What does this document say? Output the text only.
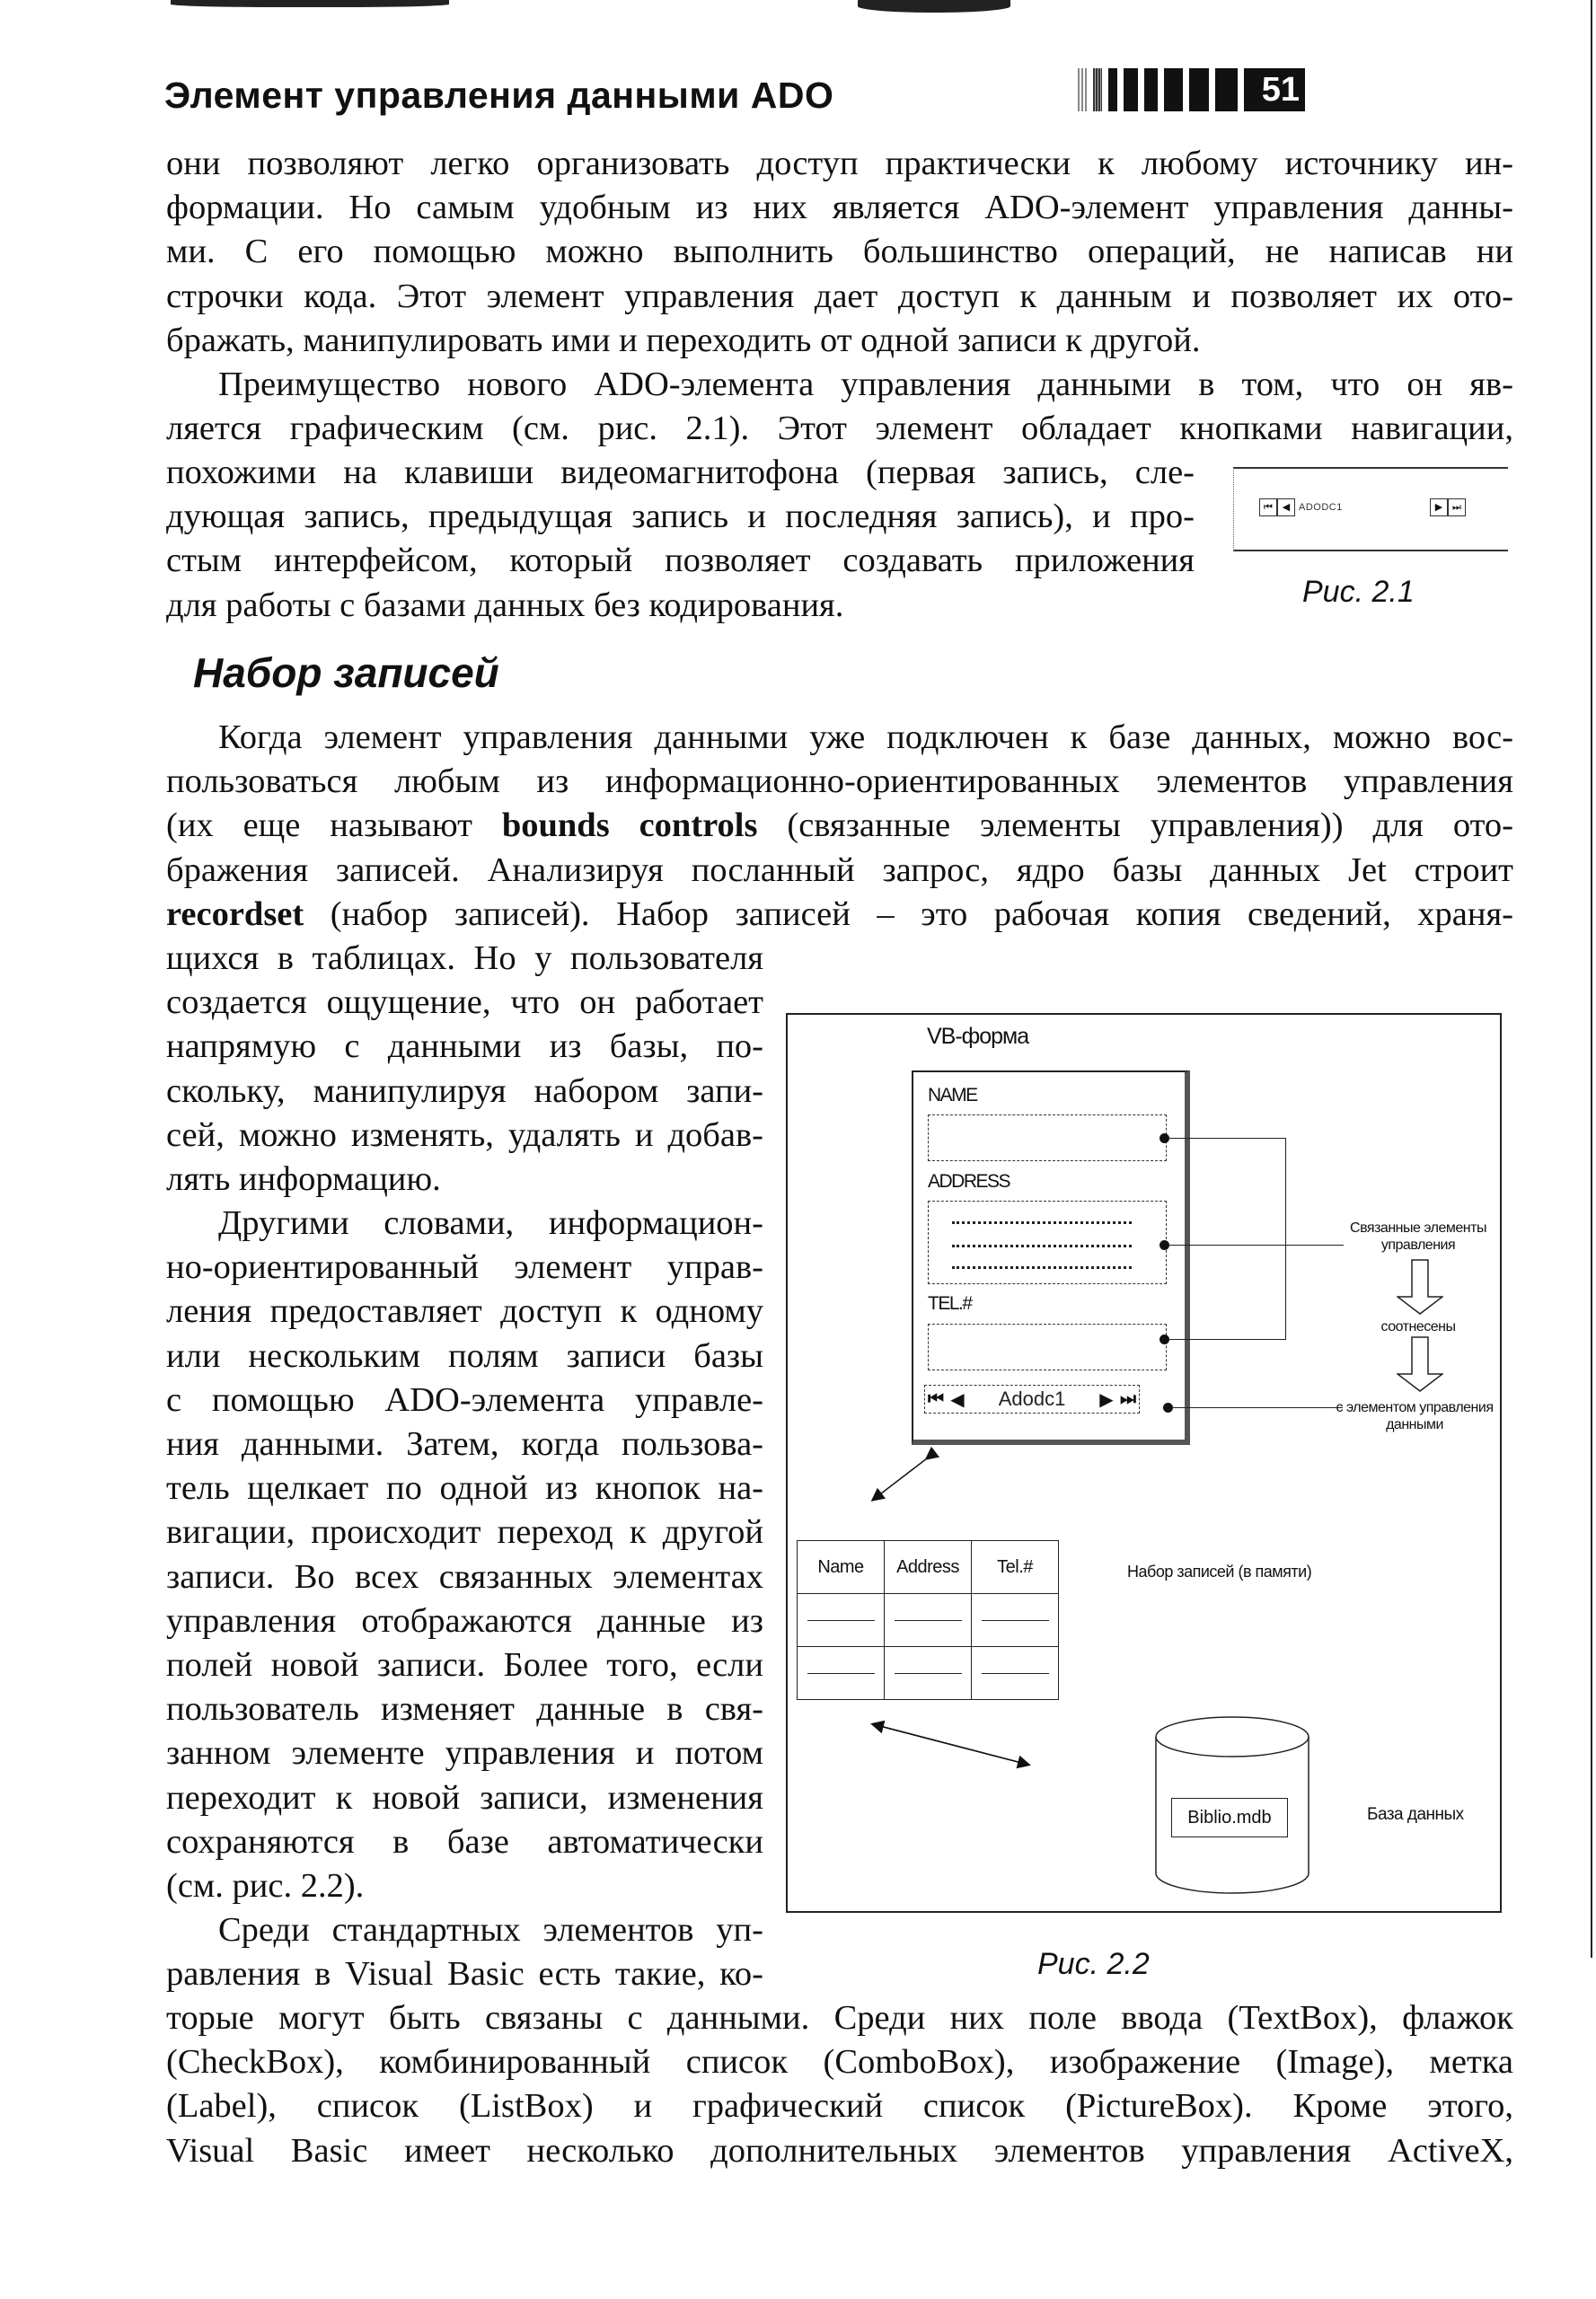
Элемент управления данными ADO	51
они позволяют легко организовать доступ практически к любому источнику ин-
формации. Но самым удобным из них является ADO-элемент управления данны-
ми. С его помощью можно выполнить большинство операций, не написав ни
строчки кода. Этот элемент управления дает доступ к данным и позволяет их ото-
бражать, манипулировать ими и переходить от одной записи к другой.
Преимущество нового ADO-элемента управления данными в том, что он яв-
ляется графическим (см. рис. 2.1). Этот элемент обладает кнопками навигации,
похожими на клавиши видеомагнитофона (первая запись, сле-
дующая запись, предыдущая запись и последняя запись), и про-
стым интерфейсом, который позволяет создавать приложения
для работы с базами данных без кодирования.
⏮ ◀ ADODC1	▶ ⏭
Рис. 2.1
Набор записей
Когда элемент управления данными уже подключен к базе данных, можно вос-
пользоваться любым из информационно-ориентированных элементов управления
(их еще называют bounds controls (связанные элементы управления)) для ото-
бражения записей. Анализируя посланный запрос, ядро базы данных Jet строит
recordset (набор записей). Набор записей – это рабочая копия сведений, храня-
щихся в таблицах. Но у пользователя
создается ощущение, что он работает
напрямую с данными из базы, по-
скольку, манипулируя набором запи-
сей, можно изменять, удалять и добав-
лять информацию.
Другими словами, информацион-
но-ориентированный элемент управ-
ления предоставляет доступ к одному
или нескольким полям записи базы
с помощью ADO-элемента управле-
ния данными. Затем, когда пользова-
тель щелкает по одной из кнопок на-
вигации, происходит переход к другой
записи. Во всех связанных элементах
управления отображаются данные из
полей новой записи. Более того, если
пользователь изменяет данные в свя-
занном элементе управления и потом
переходит к новой записи, изменения
сохраняются в базе автоматически
(см. рис. 2.2).
Среди стандартных элементов уп-
равления в Visual Basic есть такие, ко-
торые могут быть связаны с данными. Среди них поле ввода (TextBox), флажок
(CheckBox), комбинированный список (ComboBox), изображение (Image), метка
(Label), список (ListBox) и графический список (PictureBox). Кроме этого,
Visual Basic имеет несколько дополнительных элементов управления ActiveX,
VB-форма
NAME
ADDRESS
TEL.#
⏮ ◀	Adodc1	▶ ⏭
Связанные элементы
управления
соотнесены
с элементом управления
данными
Name	Address	Tel.#

			Набор записей (в памяти)
Biblio.mdb	База данных
Рис. 2.2
